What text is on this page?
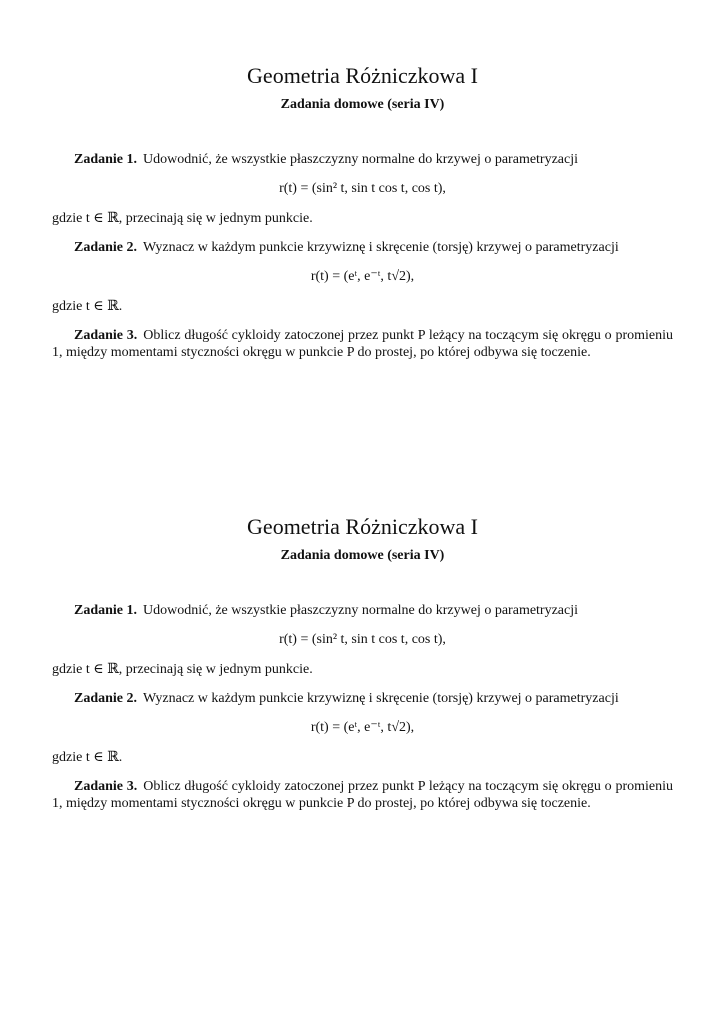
Geometria Różniczkowa I
Zadania domowe (seria IV)

Zadanie 1. Udowodnić, że wszystkie płaszczyzny normalne do krzywej o parametryzacji

r(t) = (sin² t, sin t cos t, cos t),

gdzie t ∈ ℝ, przecinają się w jednym punkcie.

Zadanie 2. Wyznacz w każdym punkcie krzywiznę i skręcenie (torsję) krzywej o parametryzacji

r(t) = (eᵗ, e⁻ᵗ, t√2),

gdzie t ∈ ℝ.

Zadanie 3. Oblicz długość cykloidy zatoczonej przez punkt P leżący na toczącym się okręgu o promieniu 1, między momentami styczności okręgu w punkcie P do prostej, po której odbywa się toczenie.

Geometria Różniczkowa I
Zadania domowe (seria IV)

Zadanie 1. Udowodnić, że wszystkie płaszczyzny normalne do krzywej o parametryzacji

r(t) = (sin² t, sin t cos t, cos t),

gdzie t ∈ ℝ, przecinają się w jednym punkcie.

Zadanie 2. Wyznacz w każdym punkcie krzywiznę i skręcenie (torsję) krzywej o parametryzacji

r(t) = (eᵗ, e⁻ᵗ, t√2),

gdzie t ∈ ℝ.

Zadanie 3. Oblicz długość cykloidy zatoczonej przez punkt P leżący na toczącym się okręgu o promieniu 1, między momentami styczności okręgu w punkcie P do prostej, po której odbywa się toczenie.
